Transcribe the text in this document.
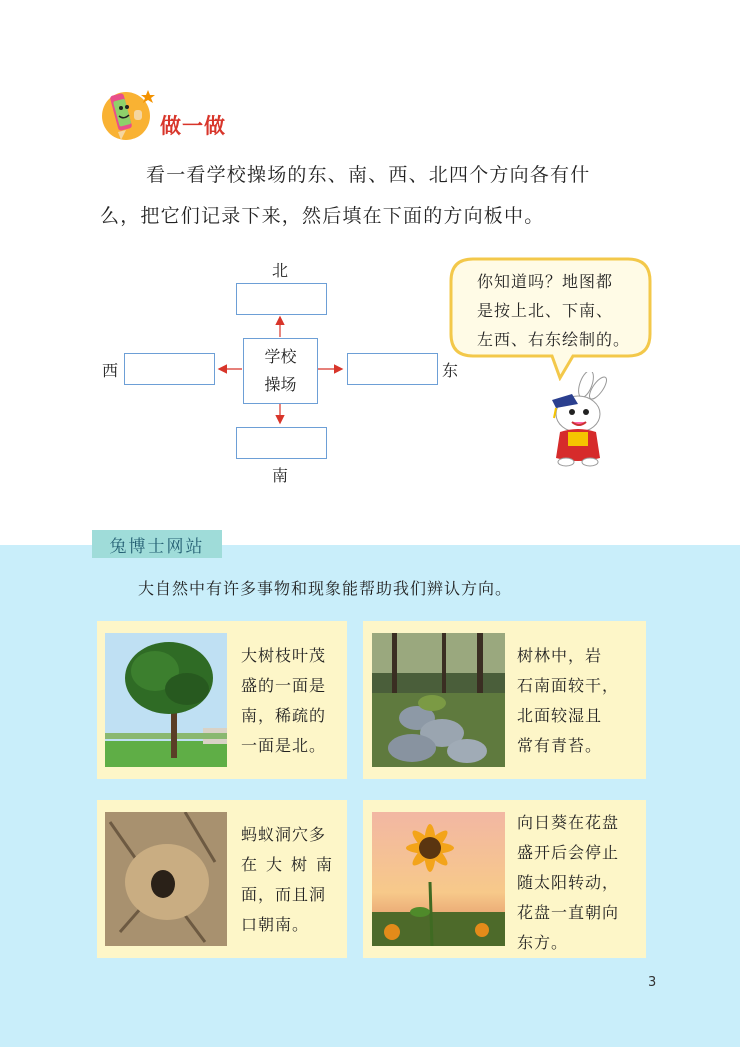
做一做
看一看学校操场的东、南、西、北四个方向各有什
么，把它们记录下来，然后填在下面的方向板中。
北
西
学校
操场
东
南
你知道吗？地图都
是按上北、下南、
左西、右东绘制的。
兔博士网站
大自然中有许多事物和现象能帮助我们辨认方向。
大树枝叶茂
盛的一面是
南，稀疏的
一面是北。
树林中，岩
石南面较干，
北面较湿且
常有青苔。
蚂蚁洞穴多
在大树南
面，而且洞
口朝南。
向日葵在花盘
盛开后会停止
随太阳转动，
花盘一直朝向
东方。
3
